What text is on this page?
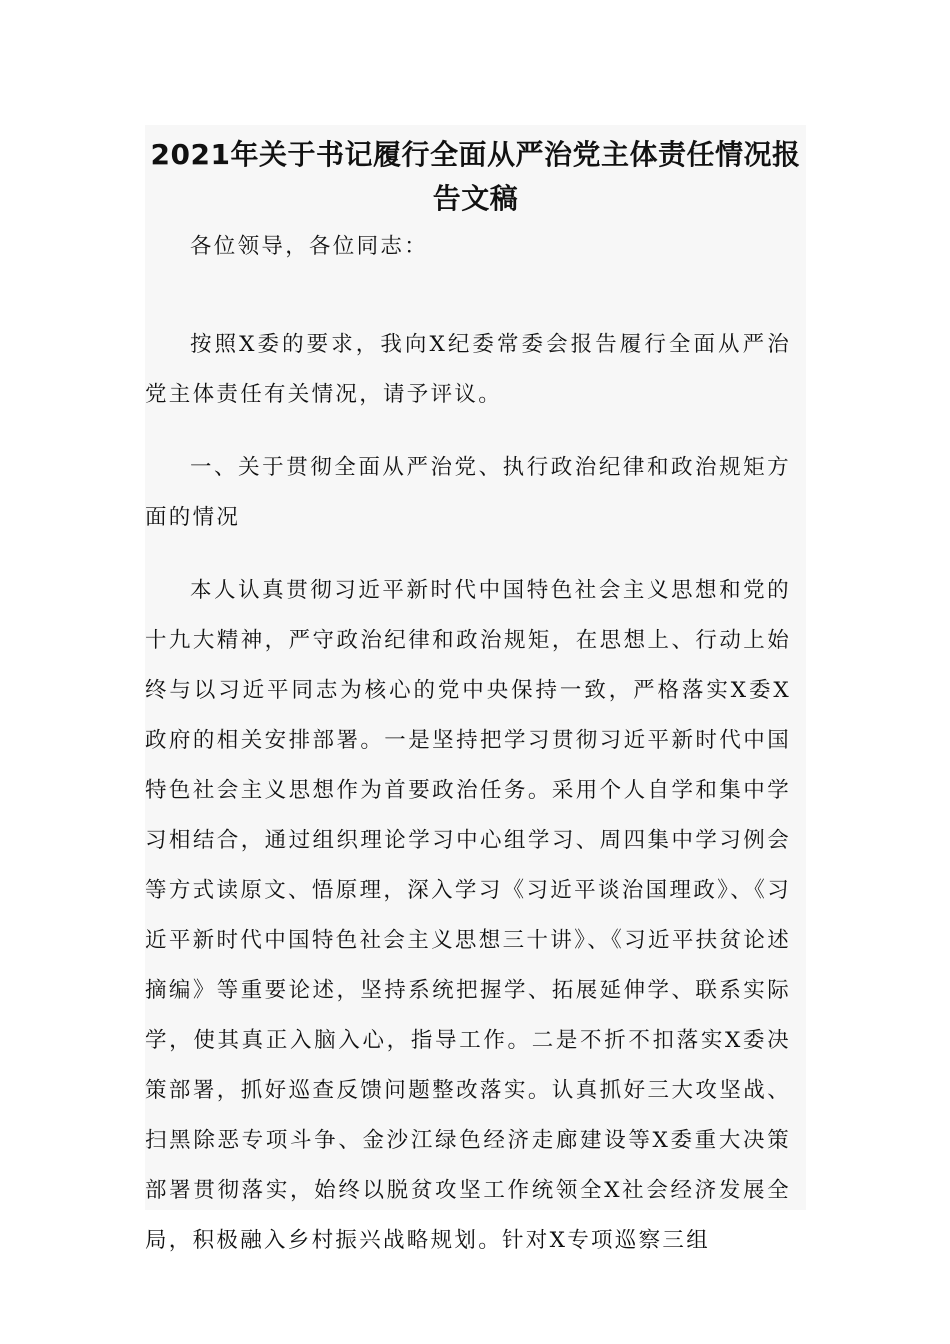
2021年关于书记履行全面从严治党主体责任情况报告文稿

各位领导，各位同志：

按照X委的要求，我向X纪委常委会报告履行全面从严治党主体责任有关情况，请予评议。

一、关于贯彻全面从严治党、执行政治纪律和政治规矩方面的情况

本人认真贯彻习近平新时代中国特色社会主义思想和党的十九大精神，严守政治纪律和政治规矩，在思想上、行动上始终与以习近平同志为核心的党中央保持一致，严格落实X委X政府的相关安排部署。一是坚持把学习贯彻习近平新时代中国特色社会主义思想作为首要政治任务。采用个人自学和集中学习相结合，通过组织理论学习中心组学习、周四集中学习例会等方式读原文、悟原理，深入学习《习近平谈治国理政》、《习近平新时代中国特色社会主义思想三十讲》、《习近平扶贫论述摘编》等重要论述，坚持系统把握学、拓展延伸学、联系实际学，使其真正入脑入心，指导工作。二是不折不扣落实X委决策部署，抓好巡查反馈问题整改落实。认真抓好三大攻坚战、扫黑除恶专项斗争、金沙江绿色经济走廊建设等X委重大决策部署贯彻落实，始终以脱贫攻坚工作统领全X社会经济发展全局，积极融入乡村振兴战略规划。针对X专项巡察三组
